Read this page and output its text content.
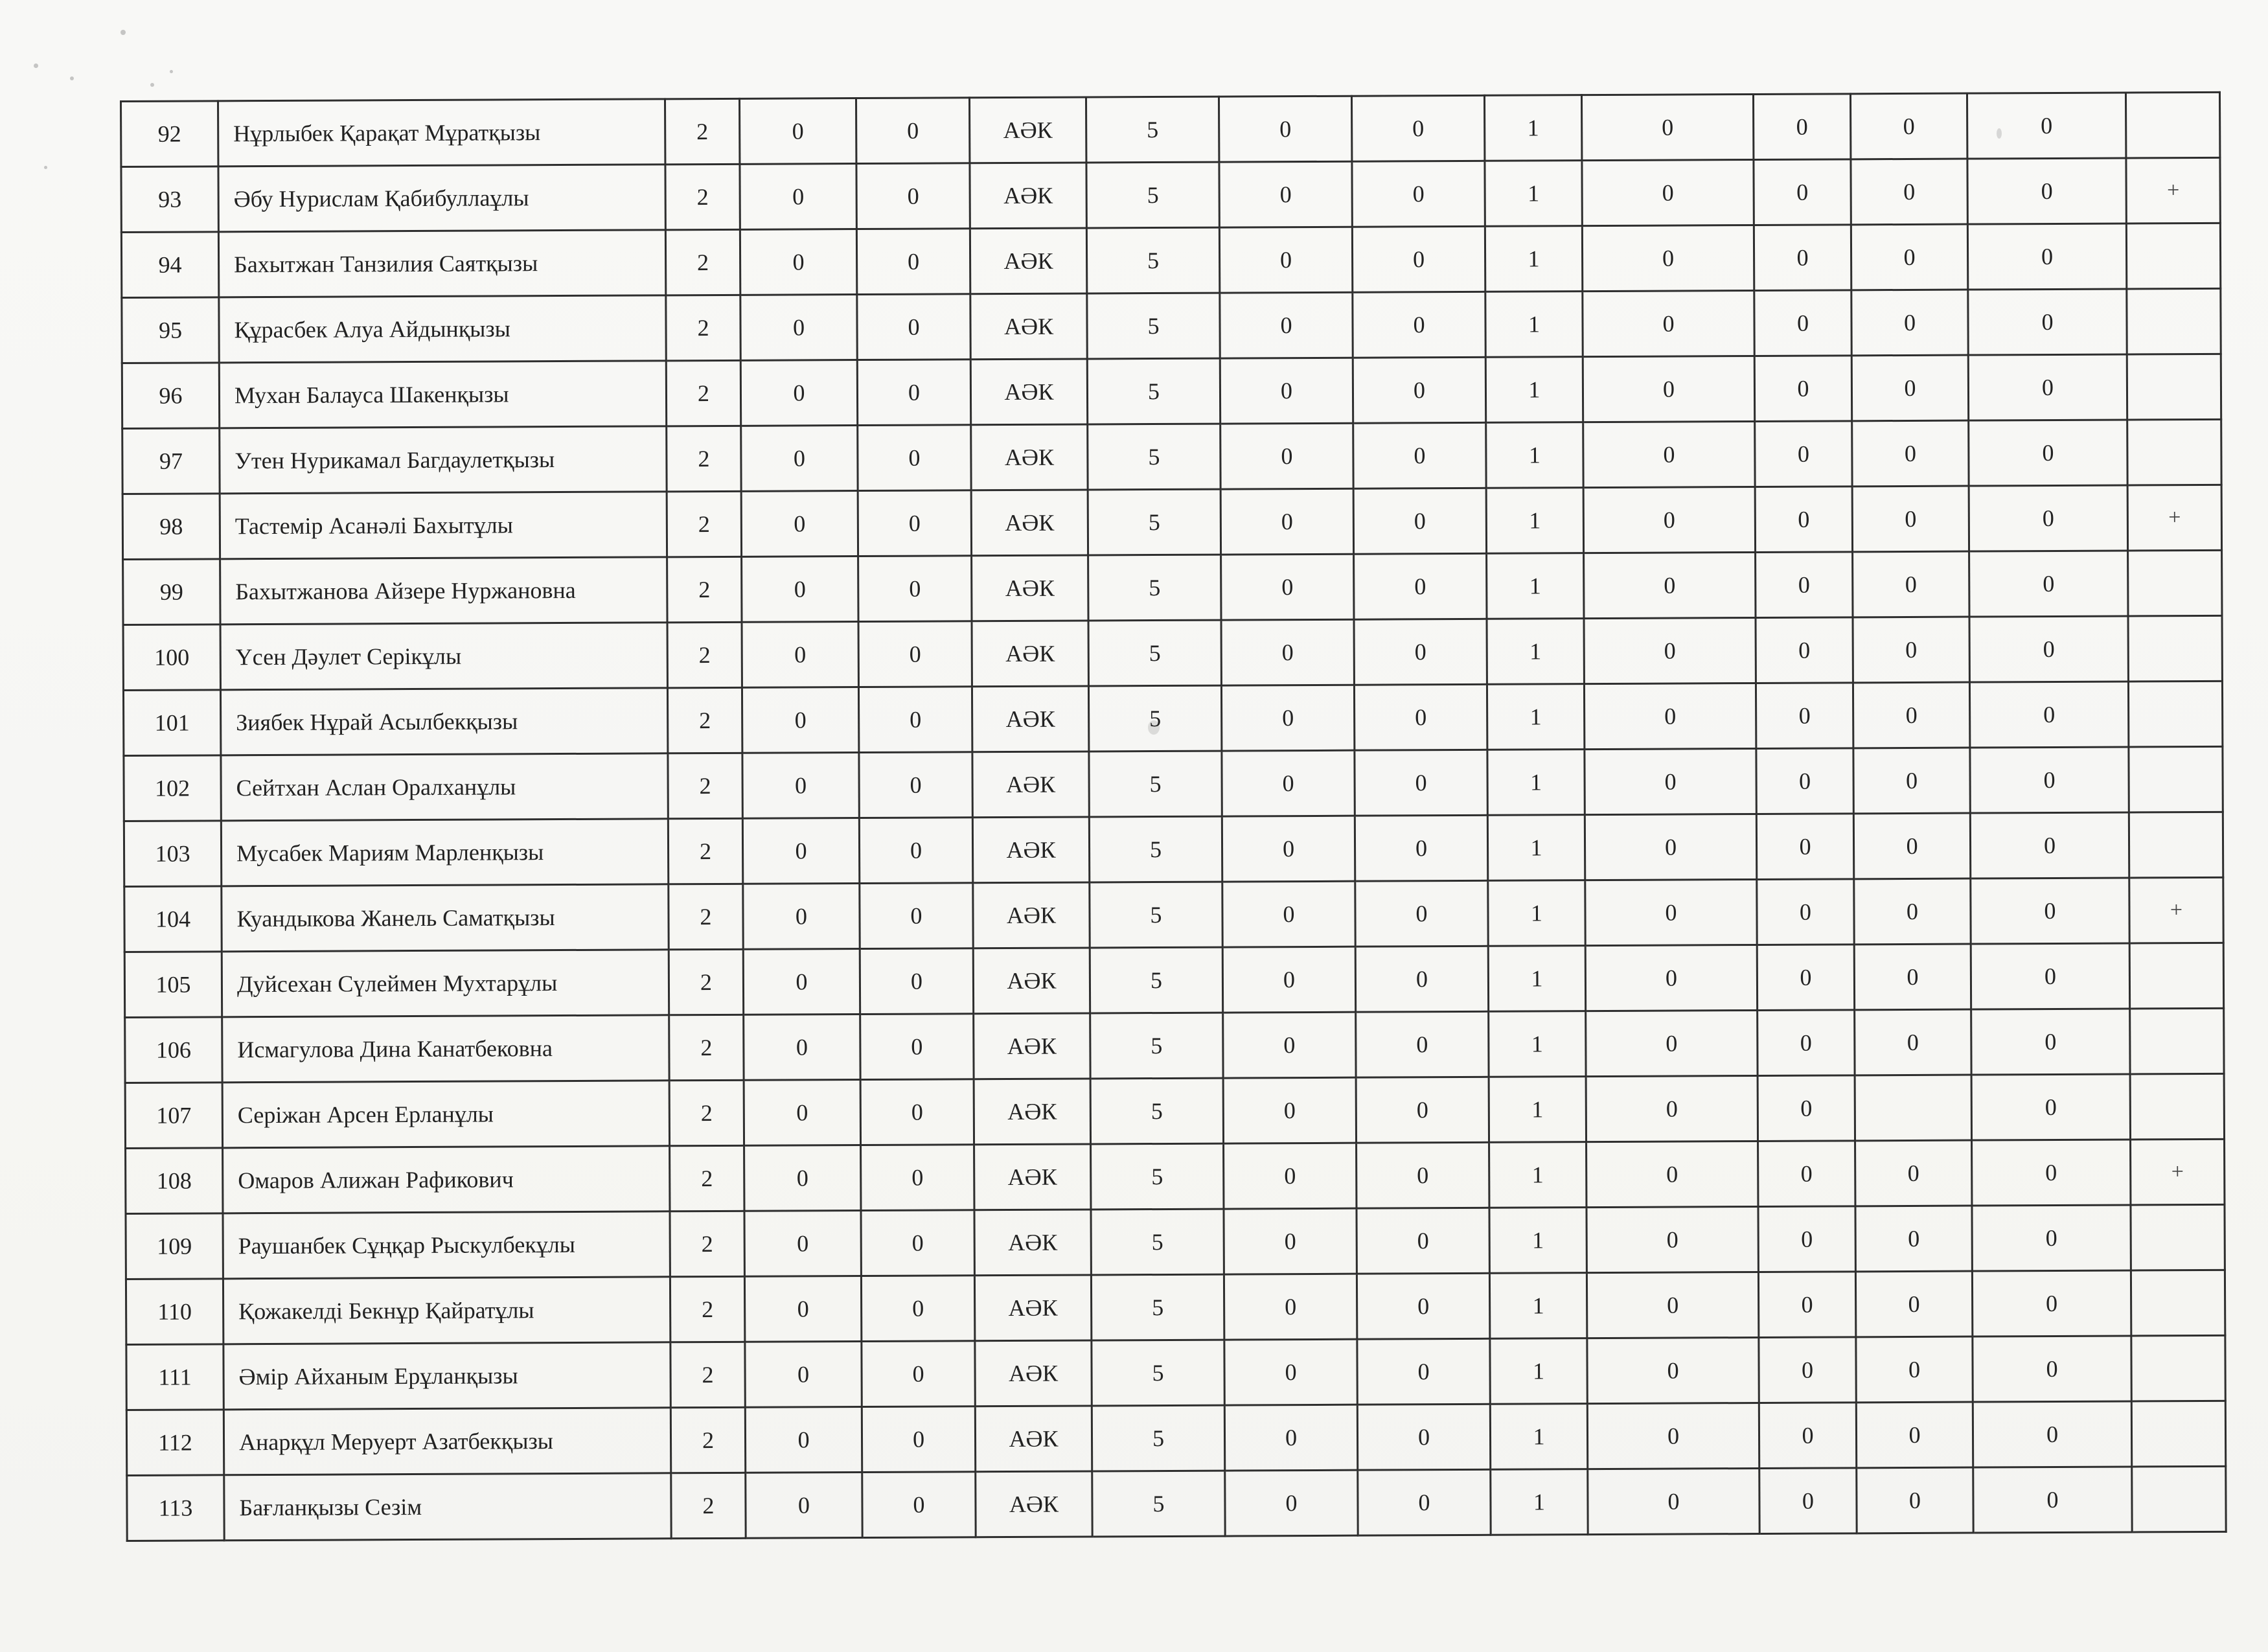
92	Нұрлыбек Қарақат Мұратқызы	2	0	0	АӘК	5	0	0	1	0	0	0	0	
93	Әбу Нурислам Қабибуллаұлы	2	0	0	АӘК	5	0	0	1	0	0	0	0	+
94	Бахытжан Танзилия Саятқызы	2	0	0	АӘК	5	0	0	1	0	0	0	0	
95	Құрасбек Алуа Айдынқызы	2	0	0	АӘК	5	0	0	1	0	0	0	0	
96	Мухан Балауса Шакенқызы	2	0	0	АӘК	5	0	0	1	0	0	0	0	
97	Утен Нурикамал Багдаулетқызы	2	0	0	АӘК	5	0	0	1	0	0	0	0	
98	Тастемір Асанәлі Бахытұлы	2	0	0	АӘК	5	0	0	1	0	0	0	0	+
99	Бахытжанова Айзере Нуржановна	2	0	0	АӘК	5	0	0	1	0	0	0	0	
100	Үсен Дәулет Серікұлы	2	0	0	АӘК	5	0	0	1	0	0	0	0	
101	Зиябек Нұрай Асылбекқызы	2	0	0	АӘК	5	0	0	1	0	0	0	0	
102	Сейтхан Аслан Оралханұлы	2	0	0	АӘК	5	0	0	1	0	0	0	0	
103	Мусабек Мариям Марленқызы	2	0	0	АӘК	5	0	0	1	0	0	0	0	
104	Куандыкова Жанель Саматқызы	2	0	0	АӘК	5	0	0	1	0	0	0	0	+
105	Дуйсехан Сүлеймен Мухтарұлы	2	0	0	АӘК	5	0	0	1	0	0	0	0	
106	Исмагулова Дина Канатбековна	2	0	0	АӘК	5	0	0	1	0	0	0	0	
107	Серіжан Арсен Ерланұлы	2	0	0	АӘК	5	0	0	1	0	0		0	
108	Омаров Алижан Рафикович	2	0	0	АӘК	5	0	0	1	0	0	0	0	+
109	Раушанбек Сұңқар Рыскулбекұлы	2	0	0	АӘК	5	0	0	1	0	0	0	0	
110	Қожакелді Бекнұр Қайратұлы	2	0	0	АӘК	5	0	0	1	0	0	0	0	
111	Әмір Айханым Ерұланқызы	2	0	0	АӘК	5	0	0	1	0	0	0	0	
112	Анарқұл Меруерт Азатбекқызы	2	0	0	АӘК	5	0	0	1	0	0	0	0	
113	Бағланқызы Сезім	2	0	0	АӘК	5	0	0	1	0	0	0	0	
